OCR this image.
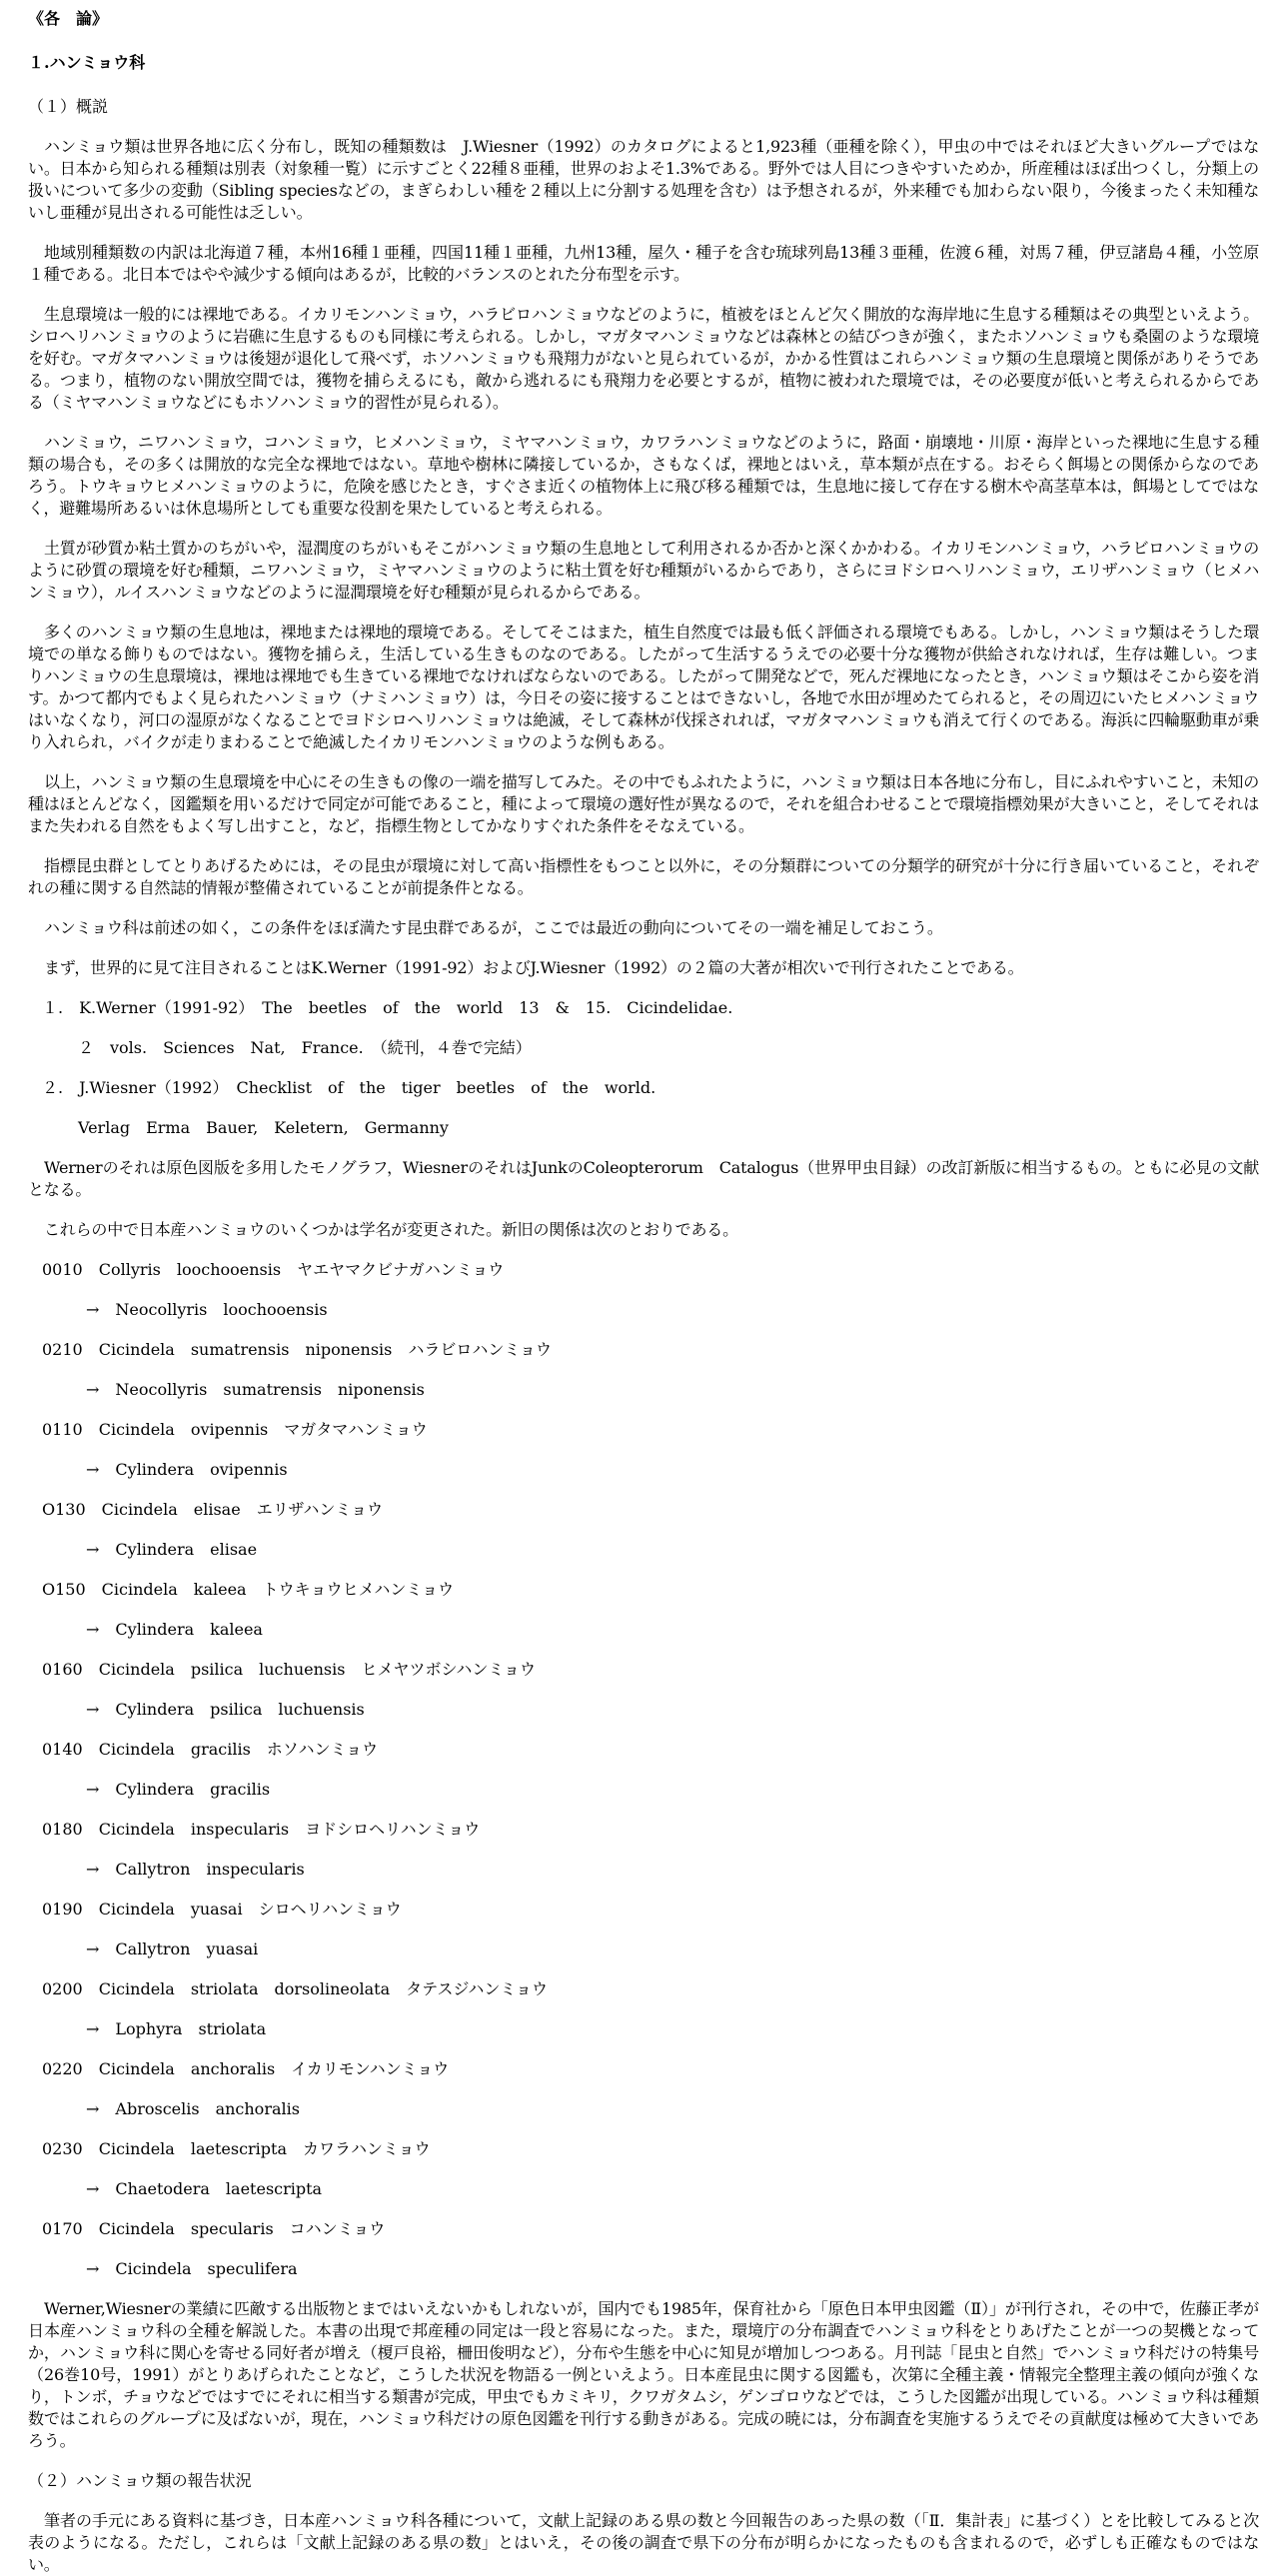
《各　論》
１.ハンミョウ科
（１）概説

ハンミョウ類は世界各地に広く分布し，既知の種類数は　J.Wiesner（1992）のカタログによると1,923種（亜種を除く），甲虫の中ではそれほど大きいグループではない。日本から知られる種類は別表（対象種一覧）に示すごとく22種８亜種，世界のおよそ1.3%である。野外では人目につきやすいためか，所産種はほぼ出つくし，分類上の扱いについて多少の変動（Sibling speciesなどの，まぎらわしい種を２種以上に分割する処理を含む）は予想されるが，外来種でも加わらない限り，今後まったく未知種ないし亜種が見出される可能性は乏しい。

地域別種類数の内訳は北海道７種，本州16種１亜種，四国11種１亜種，九州13種，屋久・種子を含む琉球列島13種３亜種，佐渡６種，対馬７種，伊豆諸島４種，小笠原１種である。北日本ではやや減少する傾向はあるが，比較的バランスのとれた分布型を示す。

生息環境は一般的には裸地である。イカリモンハンミョウ，ハラビロハンミョウなどのように，植被をほとんど欠く開放的な海岸地に生息する種類はその典型といえよう。シロヘリハンミョウのように岩礁に生息するものも同様に考えられる。しかし，マガタマハンミョウなどは森林との結びつきが強く，またホソハンミョウも桑園のような環境を好む。マガタマハンミョウは後翅が退化して飛べず，ホソハンミョウも飛翔力がないと見られているが，かかる性質はこれらハンミョウ類の生息環境と関係がありそうである。つまり，植物のない開放空間では，獲物を捕らえるにも，敵から逃れるにも飛翔力を必要とするが，植物に被われた環境では，その必要度が低いと考えられるからである（ミヤマハンミョウなどにもホソハンミョウ的習性が見られる）。

ハンミョウ，ニワハンミョウ，コハンミョウ，ヒメハンミョウ，ミヤマハンミョウ，カワラハンミョウなどのように，路面・崩壊地・川原・海岸といった裸地に生息する種類の場合も，その多くは開放的な完全な裸地ではない。草地や樹林に隣接しているか，さもなくば，裸地とはいえ，草本類が点在する。おそらく餌場との関係からなのであろう。トウキョウヒメハンミョウのように，危険を感じたとき，すぐさま近くの植物体上に飛び移る種類では，生息地に接して存在する樹木や高茎草本は，餌場としてではなく，避難場所あるいは休息場所としても重要な役割を果たしていると考えられる。

土質が砂質か粘土質かのちがいや，湿潤度のちがいもそこがハンミョウ類の生息地として利用されるか否かと深くかかわる。イカリモンハンミョウ，ハラビロハンミョウのように砂質の環境を好む種類，ニワハンミョウ，ミヤマハンミョウのように粘土質を好む種類がいるからであり，さらにヨドシロヘリハンミョウ，エリザハンミョウ（ヒメハンミョウ），ルイスハンミョウなどのように湿潤環境を好む種類が見られるからである。

多くのハンミョウ類の生息地は，裸地または裸地的環境である。そしてそこはまた，植生自然度では最も低く評価される環境でもある。しかし，ハンミョウ類はそうした環境での単なる飾りものではない。獲物を捕らえ，生活している生きものなのである。したがって生活するうえでの必要十分な獲物が供給されなければ，生存は難しい。つまりハンミョウの生息環境は，裸地は裸地でも生きている裸地でなければならないのである。したがって開発などで，死んだ裸地になったとき，ハンミョウ類はそこから姿を消す。かつて都内でもよく見られたハンミョウ（ナミハンミョウ）は，今日その姿に接することはできないし，各地で水田が埋めたてられると，その周辺にいたヒメハンミョウはいなくなり，河口の湿原がなくなることでヨドシロヘリハンミョウは絶滅，そして森林が伐採されれば，マガタマハンミョウも消えて行くのである。海浜に四輪駆動車が乗り入れられ，バイクが走りまわることで絶滅したイカリモンハンミョウのような例もある。

以上，ハンミョウ類の生息環境を中心にその生きもの像の一端を描写してみた。その中でもふれたように，ハンミョウ類は日本各地に分布し，目にふれやすいこと，未知の種はほとんどなく，図鑑類を用いるだけで同定が可能であること，種によって環境の選好性が異なるので，それを組合わせることで環境指標効果が大きいこと，そしてそれはまた失われる自然をもよく写し出すこと，など，指標生物としてかなりすぐれた条件をそなえている。

指標昆虫群としてとりあげるためには，その昆虫が環境に対して高い指標性をもつこと以外に，その分類群についての分類学的研究が十分に行き届いていること，それぞれの種に関する自然誌的情報が整備されていることが前提条件となる。

ハンミョウ科は前述の如く，この条件をほぼ満たす昆虫群であるが，ここでは最近の動向についてその一端を補足しておこう。

まず，世界的に見て注目されることはK.Werner（1991-92）およびJ.Wiesner（1992）の２篇の大著が相次いで刊行されたことである。

１.　K.Werner（1991-92）　The　beetles　of　the　world　13　&　15.　Cicindelidae.
２　vols.　Sciences　Nat,　France.　（続刊，４巻で完結）
２.　J.Wiesner（1992）　Checklist　of　the　tiger　beetles　of　the　world.
Verlag　Erma　Bauer,　Keletern,　Germanny

Wernerのそれは原色図版を多用したモノグラフ，WiesnerのそれはJunkのColeopterorum　Catalogus（世界甲虫目録）の改訂新版に相当するもの。ともに必見の文献となる。

これらの中で日本産ハンミョウのいくつかは学名が変更された。新旧の関係は次のとおりである。

0010　Collyris　loochooensis　ヤエヤマクビナガハンミョウ
→ Neocollyris　loochooensis
0210　Cicindela　sumatrensis　niponensis　ハラビロハンミョウ
→ Neocollyris　sumatrensis　niponensis
0110　Cicindela　ovipennis　マガタマハンミョウ
→ Cylindera　ovipennis
O130　Cicindela　elisae　エリザハンミョウ
→ Cylindera　elisae
O150　Cicindela　kaleea　トウキョウヒメハンミョウ
→ Cylindera　kaleea
0160　Cicindela　psilica　luchuensis　ヒメヤツボシハンミョウ
→ Cylindera　psilica　luchuensis
0140　Cicindela　gracilis　ホソハンミョウ
→ Cylindera　gracilis
0180　Cicindela　inspecularis　ヨドシロヘリハンミョウ
→ Callytron　inspecularis
0190　Cicindela　yuasai　シロヘリハンミョウ
→ Callytron　yuasai
0200　Cicindela　striolata　dorsolineolata　タテスジハンミョウ
→ Lophyra　striolata
0220　Cicindela　anchoralis　イカリモンハンミョウ
→ Abroscelis　anchoralis
0230　Cicindela　laetescripta　カワラハンミョウ
→ Chaetodera　laetescripta
0170　Cicindela　specularis　コハンミョウ
→ Cicindela　speculifera

Werner,Wiesnerの業績に匹敵する出版物とまではいえないかもしれないが，国内でも1985年，保育社から「原色日本甲虫図鑑（Ⅱ）」が刊行され，その中で，佐藤正孝が日本産ハンミョウ科の全種を解説した。本書の出現で邦産種の同定は一段と容易になった。また，環境庁の分布調査でハンミョウ科をとりあげたことが一つの契機となってか，ハンミョウ科に関心を寄せる同好者が増え（榎戸良裕，柵田俊明など），分布や生態を中心に知見が増加しつつある。月刊誌「昆虫と自然」でハンミョウ科だけの特集号（26巻10号，1991）がとりあげられたことなど，こうした状況を物語る一例といえよう。日本産昆虫に関する図鑑も，次第に全種主義・情報完全整理主義の傾向が強くなり，トンボ，チョウなどではすでにそれに相当する類書が完成，甲虫でもカミキリ，クワガタムシ，ゲンゴロウなどでは，こうした図鑑が出現している。ハンミョウ科は種類数ではこれらのグループに及ばないが，現在，ハンミョウ科だけの原色図鑑を刊行する動きがある。完成の暁には，分布調査を実施するうえでその貢献度は極めて大きいであろう。

（２）ハンミョウ類の報告状況

筆者の手元にある資料に基づき，日本産ハンミョウ科各種について，文献上記録のある県の数と今回報告のあった県の数（「Ⅱ．集計表」に基づく）とを比較してみると次表のようになる。ただし，これらは「文献上記録のある県の数」とはいえ，その後の調査で県下の分布が明らかになったものも含まれるので，必ずしも正確なものではない。
